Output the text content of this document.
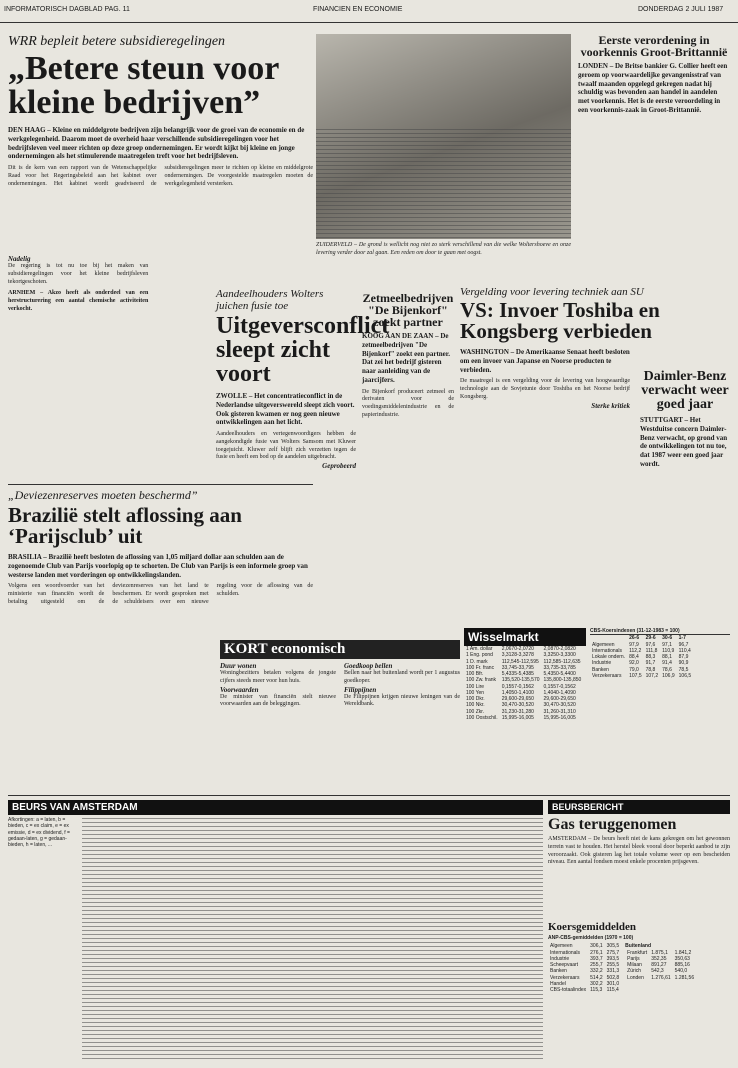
INFORMATORISCH DAGBLAD PAG. 11	FINANCIEN EN ECONOMIE	DONDERDAG 2 JULI 1987
WRR bepleit betere subsidieregelingen
„Betere steun voor kleine bedrijven”
DEN HAAG – Kleine en middelgrote bedrijven zijn belangrijk voor de groei van de economie en de werkgelegenheid. Daarom moet de overheid haar verschillende subsidieregelingen voor het bedrijfsleven veel meer richten op deze groep ondernemingen. Er wordt kijkt bij kleine en jonge ondernemingen als het stimulerende maatregelen treft voor het bedrijfsleven.
Dit is de kern van een rapport van de Wetenschappelijke Raad voor het Regeringsbeleid aan het kabinet over ondernemingen. Het kabinet wordt geadviseerd de subsidieregelingen meer te richten op kleine en middelgrote ondernemingen. De voorgestelde maatregelen moeten de werkgelegenheid versterken.
Nadelig
De regering is tot nu toe bij het maken van subsidieregelingen voor het kleine bedrijfsleven tekortgeschoten.
ARNHEM – Akzo heeft als onderdeel van een herstructurering een aantal chemische activiteiten verkocht.
ZUIDERVELD – De grond is wellicht nog niet zo sterk verschillend van die welke Woltershoeve en onze levering verder door zal gaan. Een reden om door te gaan met oogst.
Eerste verordening in voorkennis Groot-Brittannië
LONDEN – De Britse bankier G. Collier heeft een geroem op voorwaardelijke gevangenisstraf van twaalf maanden opgelegd gekregen nadat hij schuldig was bevonden aan handel in aandelen met voorkennis. Het is de eerste veroordeling in een voorkennis-zaak in Groot-Brittannië.
„Deviezenreserves moeten beschermd”
Brazilië stelt aflossing aan ‘Parijsclub’ uit
BRASILIA – Brazilië heeft besloten de aflossing van 1,05 miljard dollar aan schulden aan de zogenoemde Club van Parijs voorlopig op te schorten. De Club van Parijs is een informele groep van westerse landen met vorderingen op ontwikkelingslanden.
Volgens een woordvoerder van het ministerie van financiën wordt de betaling uitgesteld om de deviezenreserves van het land te beschermen. Er wordt gesproken met de schuldeisers over een nieuwe regeling voor de aflossing van de schulden.
Aandeelhouders Wolters juichen fusie toe
Uitgeversconflict sleept zicht voort
ZWOLLE – Het concentratieconflict in de Nederlandse uitgeverswereld sleept zich voort. Ook gisteren kwamen er nog geen nieuwe ontwikkelingen aan het licht.
Aandeelhouders en vertegenwoordigers hebben de aangekondigde fusie van Wolters Samsom met Kluwer toegejuicht. Kluwer zelf blijft zich verzetten tegen de fusie en heeft een bod op de aandelen uitgebracht.
Geprobeerd
Zetmeelbedrijven "De Bijenkorf" zoekt partner
KOOG AAN DE ZAAN – De zetmeelbedrijven "De Bijenkorf" zoekt een partner. Dat zei het bedrijf gisteren naar aanleiding van de jaarcijfers.
De Bijenkorf produceert zetmeel en derivaten voor de voedingsmiddelenindustrie en de papierindustrie.
Vergelding voor levering techniek aan SU
VS: Invoer Toshiba en Kongsberg verbieden
WASHINGTON – De Amerikaanse Senaat heeft besloten om een invoer van Japanse en Noorse producten te verbieden.
De maatregel is een vergelding voor de levering van hoogwaardige technologie aan de Sovjetunie door Toshiba en het Noorse bedrijf Kongsberg.
Sterke kritiek
Daimler-Benz verwacht weer goed jaar
STUTTGART – Het Westduitse concern Daimler-Benz verwacht, op grond van de ontwikkelingen tot nu toe, dat 1987 weer een goed jaar wordt.
KORT economisch
Duur wonen
Woningbezitters betalen volgens de jongste cijfers steeds meer voor hun huis.
Voorwaarden
De minister van financiën stelt nieuwe voorwaarden aan de beleggingen.
Goedkoop bellen
Bellen naar het buitenland wordt per 1 augustus goedkoper.
Filippijnen
De Filippijnen krijgen nieuwe leningen van de Wereldbank.
Wisselmarkt
1 Am. dollar	2,0670-2,0720	2,0870-2,0820
1 Eng. pond	3,3128-3,3278	3,3250-3,3300
1 D. mark	112,545-112,595	112,585-112,635
100 Fr. franc	33,745-33,795	33,735-33,785
100 Bfr.	5,4335-5,4385	5,4350-5,4400
100 Zw. frank	135,520-135,570	135,800-135,850
100 Lire	0,1557-0,1562	0,1557-0,1562
100 Yen	1,4050-1,4100	1,4040-1,4090
100 Dkr.	29,600-29,650	29,600-29,650
100 Nkr.	30,470-30,520	30,470-30,520
100 Zkr.	31,230-31,280	31,260-31,310
100 Oostschil.	15,995-16,005	15,995-16,005
CBS-Koersindexen (31-12-1983 = 100)
	26-6	29-6	30-6	1-7
Algemeen	97,9	97,6	97,1	96,7
Internationals	112,2	111,8	110,9	110,4
Lokale ondern.	88,4	88,3	88,1	87,9
Industrie	92,0	91,7	91,4	90,9
Banken	79,0	78,8	78,6	78,5
Verzekeraars	107,5	107,2	106,9	106,5
BEURS VAN AMSTERDAM
Afkortingen: a = laten, b = bieden, c = ex claim, e = ex emissie, d = ex dividend, f = gedaan-laten, g = gedaan-bieden, h = laten, ...
BEURSBERICHT
Gas teruggenomen
AMSTERDAM – De beurs heeft niet de kans gekregen om het gewonnen terrein vast te houden. Het herstel bleek vooral door beperkt aanbod te zijn veroorzaakt. Ook gisteren lag het totale volume weer op een bescheiden niveau. Een aantal fondsen moest enkele procenten prijsgeven.
Koersgemiddelden
ANP-CBS-gemiddelden (1970 = 100)
Algemeen	306,1	305,5
Internationals	276,1	275,7
Industrie	393,7	393,5
Scheepvaart	255,7	255,5
Banken	332,2	331,3
Verzekeraars	514,2	502,8
Handel	302,2	301,0
CBS-totaalindex	115,3	115,4
Buitenland
Frankfurt	1.875,1	1.841,2
Parijs	352,35	350,63
Milaan	891,27	885,16
Zürich	542,3	540,0
Londen	1.276,61	1.281,56
